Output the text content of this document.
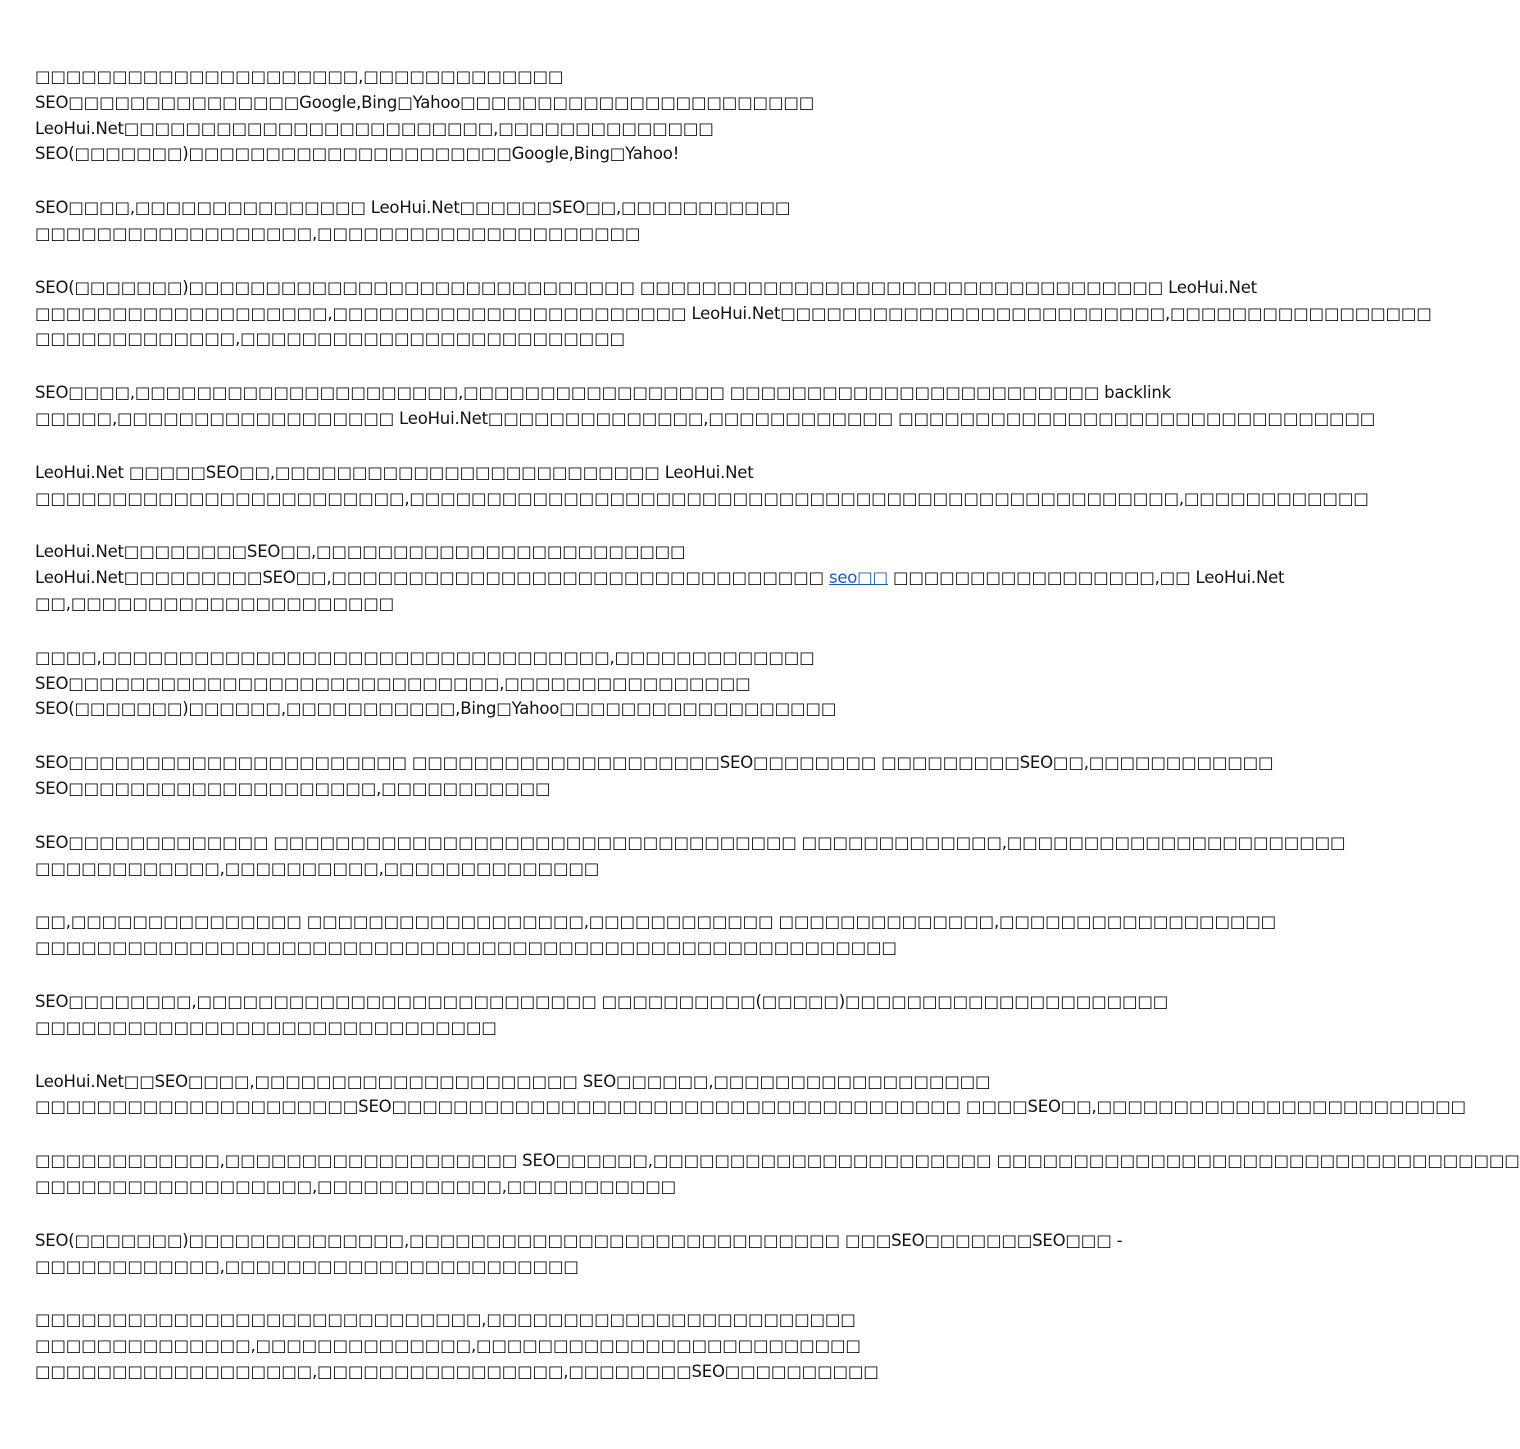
□□□□□□□□□□□□□□□□□□□□□,□□□□□□□□□□□□□
SEO□□□□□□□□□□□□□□□Google,Bing□Yahoo□□□□□□□□□□□□□□□□□□□□□□□
LeoHui.Net□□□□□□□□□□□□□□□□□□□□□□□□,□□□□□□□□□□□□□□
SEO(□□□□□□□)□□□□□□□□□□□□□□□□□□□□□Google,Bing□Yahoo!

SEO□□□□,□□□□□□□□□□□□□□□ LeoHui.Net□□□□□□SEO□□,□□□□□□□□□□□
□□□□□□□□□□□□□□□□□□,□□□□□□□□□□□□□□□□□□□□□

SEO(□□□□□□□)□□□□□□□□□□□□□□□□□□□□□□□□□□□□□ □□□□□□□□□□□□□□□□□□□□□□□□□□□□□□□□□□ LeoHui.Net
□□□□□□□□□□□□□□□□□□□,□□□□□□□□□□□□□□□□□□□□□□□ LeoHui.Net□□□□□□□□□□□□□□□□□□□□□□□□□,□□□□□□□□□□□□□□□□□
□□□□□□□□□□□□□,□□□□□□□□□□□□□□□□□□□□□□□□□

SEO□□□□,□□□□□□□□□□□□□□□□□□□□□,□□□□□□□□□□□□□□□□□ □□□□□□□□□□□□□□□□□□□□□□□□ backlink
□□□□□,□□□□□□□□□□□□□□□□□□ LeoHui.Net□□□□□□□□□□□□□□,□□□□□□□□□□□□ □□□□□□□□□□□□□□□□□□□□□□□□□□□□□□□

LeoHui.Net □□□□□SEO□□,□□□□□□□□□□□□□□□□□□□□□□□□□ LeoHui.Net
□□□□□□□□□□□□□□□□□□□□□□□□,□□□□□□□□□□□□□□□□□□□□□□□□□□□□□□□□□□□□□□□□□□□□□□□□□□,□□□□□□□□□□□□

LeoHui.Net□□□□□□□□SEO□□,□□□□□□□□□□□□□□□□□□□□□□□□
LeoHui.Net□□□□□□□□□SEO□□,□□□□□□□□□□□□□□□□□□□□□□□□□□□□□□□□ seo□□ □□□□□□□□□□□□□□□□□,□□ LeoHui.Net
□□,□□□□□□□□□□□□□□□□□□□□□

□□□□,□□□□□□□□□□□□□□□□□□□□□□□□□□□□□□□□□,□□□□□□□□□□□□□
SEO□□□□□□□□□□□□□□□□□□□□□□□□□□□□,□□□□□□□□□□□□□□□□
SEO(□□□□□□□)□□□□□□,□□□□□□□□□□□,Bing□Yahoo□□□□□□□□□□□□□□□□□□

SEO□□□□□□□□□□□□□□□□□□□□□□ □□□□□□□□□□□□□□□□□□□□SEO□□□□□□□□ □□□□□□□□□SEO□□,□□□□□□□□□□□□
SEO□□□□□□□□□□□□□□□□□□□□,□□□□□□□□□□□

SEO□□□□□□□□□□□□□ □□□□□□□□□□□□□□□□□□□□□□□□□□□□□□□□□□ □□□□□□□□□□□□□,□□□□□□□□□□□□□□□□□□□□□□
□□□□□□□□□□□□,□□□□□□□□□□,□□□□□□□□□□□□□□

□□,□□□□□□□□□□□□□□□ □□□□□□□□□□□□□□□□□□,□□□□□□□□□□□□ □□□□□□□□□□□□□□,□□□□□□□□□□□□□□□□□□
□□□□□□□□□□□□□□□□□□□□□□□□□□□□□□□□□□□□□□□□□□□□□□□□□□□□□□□□

SEO□□□□□□□□,□□□□□□□□□□□□□□□□□□□□□□□□□□ □□□□□□□□□□(□□□□□)□□□□□□□□□□□□□□□□□□□□□
□□□□□□□□□□□□□□□□□□□□□□□□□□□□□□

LeoHui.Net□□SEO□□□□,□□□□□□□□□□□□□□□□□□□□□ SEO□□□□□□,□□□□□□□□□□□□□□□□□□
□□□□□□□□□□□□□□□□□□□□□SEO□□□□□□□□□□□□□□□□□□□□□□□□□□□□□□□□□□□□□ □□□□SEO□□,□□□□□□□□□□□□□□□□□□□□□□□□

□□□□□□□□□□□□,□□□□□□□□□□□□□□□□□□□ SEO□□□□□□,□□□□□□□□□□□□□□□□□□□□□□ □□□□□□□□□□□□□□□□□□□□□□□□□□□□□□□□□□
□□□□□□□□□□□□□□□□□□,□□□□□□□□□□□□,□□□□□□□□□□□

SEO(□□□□□□□)□□□□□□□□□□□□□□,□□□□□□□□□□□□□□□□□□□□□□□□□□□□ □□□SEO□□□□□□□SEO□□□ -
□□□□□□□□□□□□,□□□□□□□□□□□□□□□□□□□□□□□

□□□□□□□□□□□□□□□□□□□□□□□□□□□□□,□□□□□□□□□□□□□□□□□□□□□□□□
□□□□□□□□□□□□□□,□□□□□□□□□□□□□□,□□□□□□□□□□□□□□□□□□□□□□□□□
□□□□□□□□□□□□□□□□□□,□□□□□□□□□□□□□□□□,□□□□□□□□SEO□□□□□□□□□□
